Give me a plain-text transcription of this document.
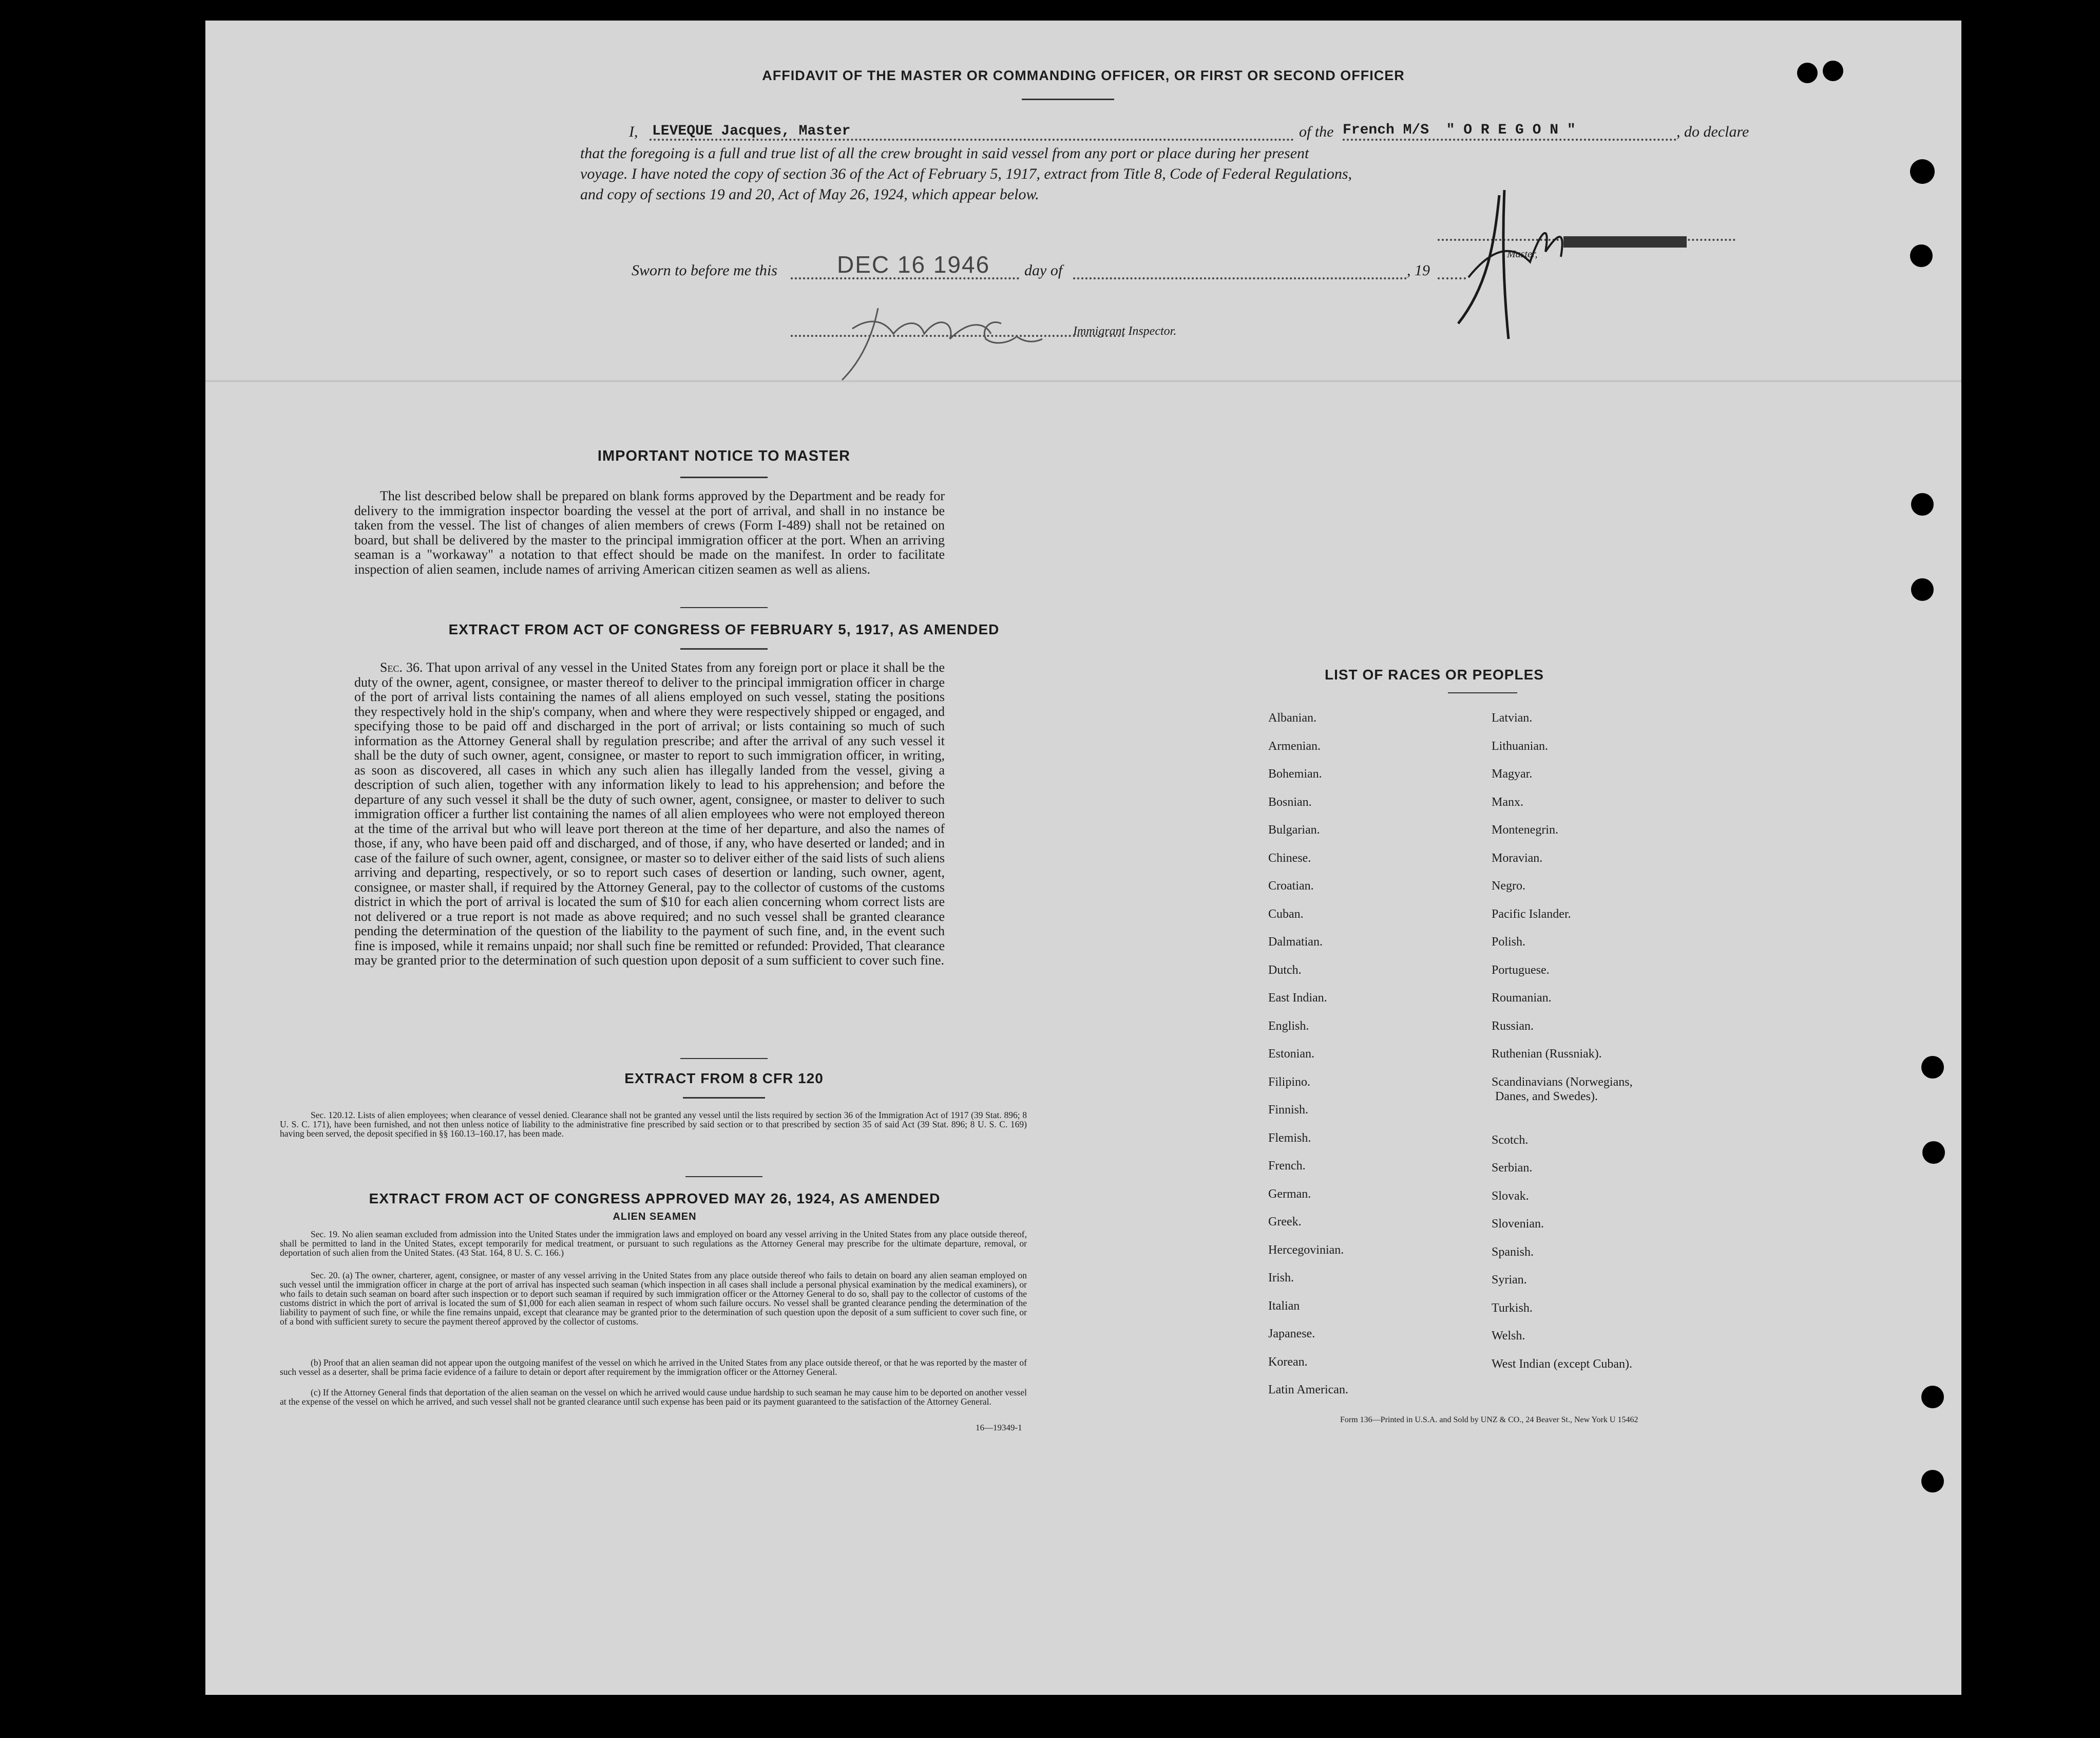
AFFIDAVIT OF THE MASTER OR COMMANDING OFFICER, OR FIRST OR SECOND OFFICER
I, LEVEQUE Jacques, Master	of the French M/S  " O R E G O N "	, do declare
that the foregoing is a full and true list of all the crew brought in said vessel from any port or place during her present
voyage. I have noted the copy of section 36 of the Act of February 5, 1917, extract from Title 8, Code of Federal Regulations,
and copy of sections 19 and 20, Act of May 26, 1924, which appear below.
Sworn to before me this	DEC 16 1946 day of	, 19
Master,
Immigrant Inspector.
IMPORTANT NOTICE TO MASTER
The list described below shall be prepared on blank forms approved by the Department and be ready for delivery to the immigration inspector boarding the vessel at the port of arrival, and shall in no instance be taken from the vessel. The list of changes of alien members of crews (Form I-489) shall not be retained on board, but shall be delivered by the master to the principal immigration officer at the port. When an arriving seaman is a "workaway" a notation to that effect should be made on the manifest. In order to facilitate inspection of alien seamen, include names of arriving American citizen seamen as well as aliens.
EXTRACT FROM ACT OF CONGRESS OF FEBRUARY 5, 1917, AS AMENDED
Sec. 36. That upon arrival of any vessel in the United States from any foreign port or place it shall be the duty of the owner, agent, consignee, or master thereof to deliver to the principal immigration officer in charge of the port of arrival lists containing the names of all aliens employed on such vessel, stating the positions they respectively hold in the ship's company, when and where they were respectively shipped or engaged, and specifying those to be paid off and discharged in the port of arrival; or lists containing so much of such information as the Attorney General shall by regulation prescribe; and after the arrival of any such vessel it shall be the duty of such owner, agent, consignee, or master to report to such immigration officer, in writing, as soon as discovered, all cases in which any such alien has illegally landed from the vessel, giving a description of such alien, together with any information likely to lead to his apprehension; and before the departure of any such vessel it shall be the duty of such owner, agent, consignee, or master to deliver to such immigration officer a further list containing the names of all alien employees who were not employed thereon at the time of the arrival but who will leave port thereon at the time of her departure, and also the names of those, if any, who have been paid off and discharged, and of those, if any, who have deserted or landed; and in case of the failure of such owner, agent, consignee, or master so to deliver either of the said lists of such aliens arriving and departing, respectively, or so to report such cases of desertion or landing, such owner, agent, consignee, or master shall, if required by the Attorney General, pay to the collector of customs of the customs district in which the port of arrival is located the sum of $10 for each alien concerning whom correct lists are not delivered or a true report is not made as above required; and no such vessel shall be granted clearance pending the determination of the question of the liability to the payment of such fine, and, in the event such fine is imposed, while it remains unpaid; nor shall such fine be remitted or refunded: Provided, That clearance may be granted prior to the determination of such question upon deposit of a sum sufficient to cover such fine.
EXTRACT FROM 8 CFR 120
Sec. 120.12. Lists of alien employees; when clearance of vessel denied. Clearance shall not be granted any vessel until the lists required by section 36 of the Immigration Act of 1917 (39 Stat. 896; 8 U. S. C. 171), have been furnished, and not then unless notice of liability to the administrative fine prescribed by said section or to that prescribed by section 35 of said Act (39 Stat. 896; 8 U. S. C. 169) having been served, the deposit specified in §§ 160.13–160.17, has been made.
EXTRACT FROM ACT OF CONGRESS APPROVED MAY 26, 1924, AS AMENDED
ALIEN SEAMEN
Sec. 19. No alien seaman excluded from admission into the United States under the immigration laws and employed on board any vessel arriving in the United States from any place outside thereof, shall be permitted to land in the United States, except temporarily for medical treatment, or pursuant to such regulations as the Attorney General may prescribe for the ultimate departure, removal, or deportation of such alien from the United States. (43 Stat. 164, 8 U. S. C. 166.)
Sec. 20. (a) The owner, charterer, agent, consignee, or master of any vessel arriving in the United States from any place outside thereof who fails to detain on board any alien seaman employed on such vessel until the immigration officer in charge at the port of arrival has inspected such seaman (which inspection in all cases shall include a personal physical examination by the medical examiners), or who fails to detain such seaman on board after such inspection or to deport such seaman if required by such immigration officer or the Attorney General to do so, shall pay to the collector of customs of the customs district in which the port of arrival is located the sum of $1,000 for each alien seaman in respect of whom such failure occurs. No vessel shall be granted clearance pending the determination of the liability to payment of such fine, or while the fine remains unpaid, except that clearance may be granted prior to the determination of such question upon the deposit of a sum sufficient to cover such fine, or of a bond with sufficient surety to secure the payment thereof approved by the collector of customs.
(b) Proof that an alien seaman did not appear upon the outgoing manifest of the vessel on which he arrived in the United States from any place outside thereof, or that he was reported by the master of such vessel as a deserter, shall be prima facie evidence of a failure to detain or deport after requirement by the immigration officer or the Attorney General.
(c) If the Attorney General finds that deportation of the alien seaman on the vessel on which he arrived would cause undue hardship to such seaman he may cause him to be deported on another vessel at the expense of the vessel on which he arrived, and such vessel shall not be granted clearance until such expense has been paid or its payment guaranteed to the satisfaction of the Attorney General.
16—19349-1
LIST OF RACES OR PEOPLES
Albanian.
Armenian.
Bohemian.
Bosnian.
Bulgarian.
Chinese.
Croatian.
Cuban.
Dalmatian.
Dutch.
East Indian.
English.
Estonian.
Filipino.
Finnish.
Flemish.
French.
German.
Greek.
Hercegovinian.
Irish.
Italian
Japanese.
Korean.
Latin American.
Latvian.
Lithuanian.
Magyar.
Manx.
Montenegrin.
Moravian.
Negro.
Pacific Islander.
Polish.
Portuguese.
Roumanian.
Russian.
Ruthenian (Russniak).
Scandinavians (Norwegians,
Danes, and Swedes).
Scotch.
Serbian.
Slovak.
Slovenian.
Spanish.
Syrian.
Turkish.
Welsh.
West Indian (except Cuban).
Form 136—Printed in U.S.A. and Sold by UNZ & CO., 24 Beaver St., New York U 15462
